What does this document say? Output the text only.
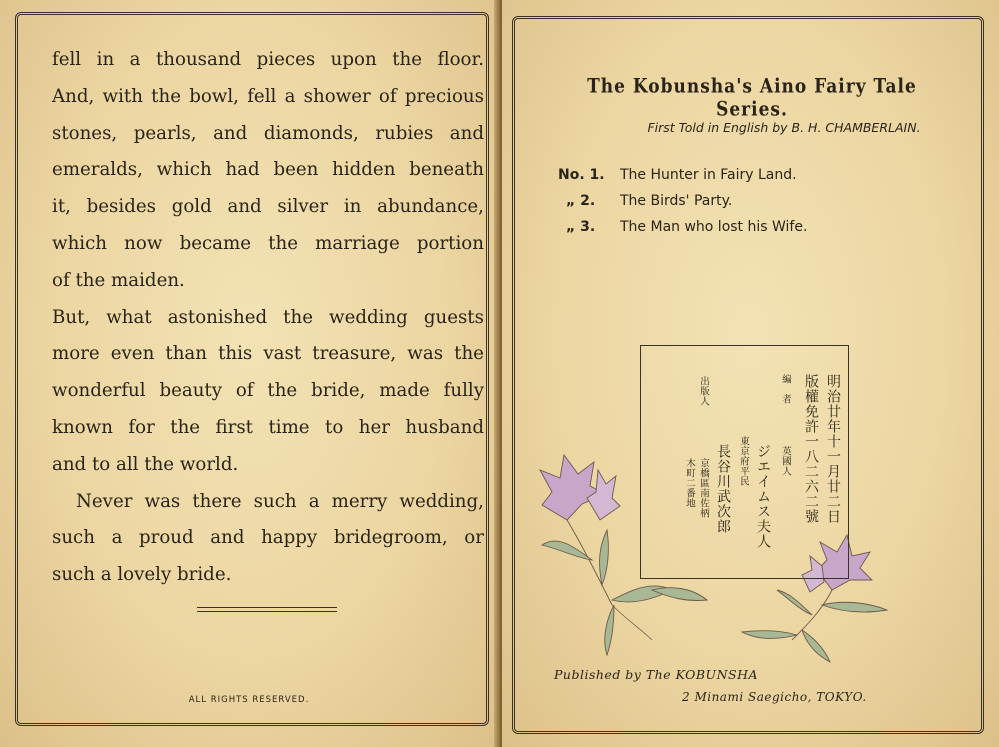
fell in a thousand pieces upon the floor.
And, with the bowl, fell a shower of precious
stones, pearls, and diamonds, rubies and
emeralds, which had been hidden beneath
it, besides gold and silver in abundance,
which now became the marriage portion
of the maiden.
But, what astonished the wedding guests
more even than this vast treasure, was the
wonderful beauty of the bride, made fully
known for the first time to her husband
and to all the world.
Never was there such a merry wedding,
such a proud and happy bridegroom, or
such a lovely bride.
ALL RIGHTS RESERVED.
The Kobunsha's Aino Fairy Tale Series.
First Told in English by B. H. CHAMBERLAIN.
No. 1.	The Hunter in Fairy Land.
„ 2.	The Birds' Party.
„ 3.	The Man who lost his Wife.
明治廿年十一月廿二日
版權免許一八二六二號
編　者
英國人
ジエイムス夫人
東京府平民
長谷川武次郎
出版人
京橋區南佐柄
木町二番地
Published by The KOBUNSHA
2 Minami Saegicho, TOKYO.
